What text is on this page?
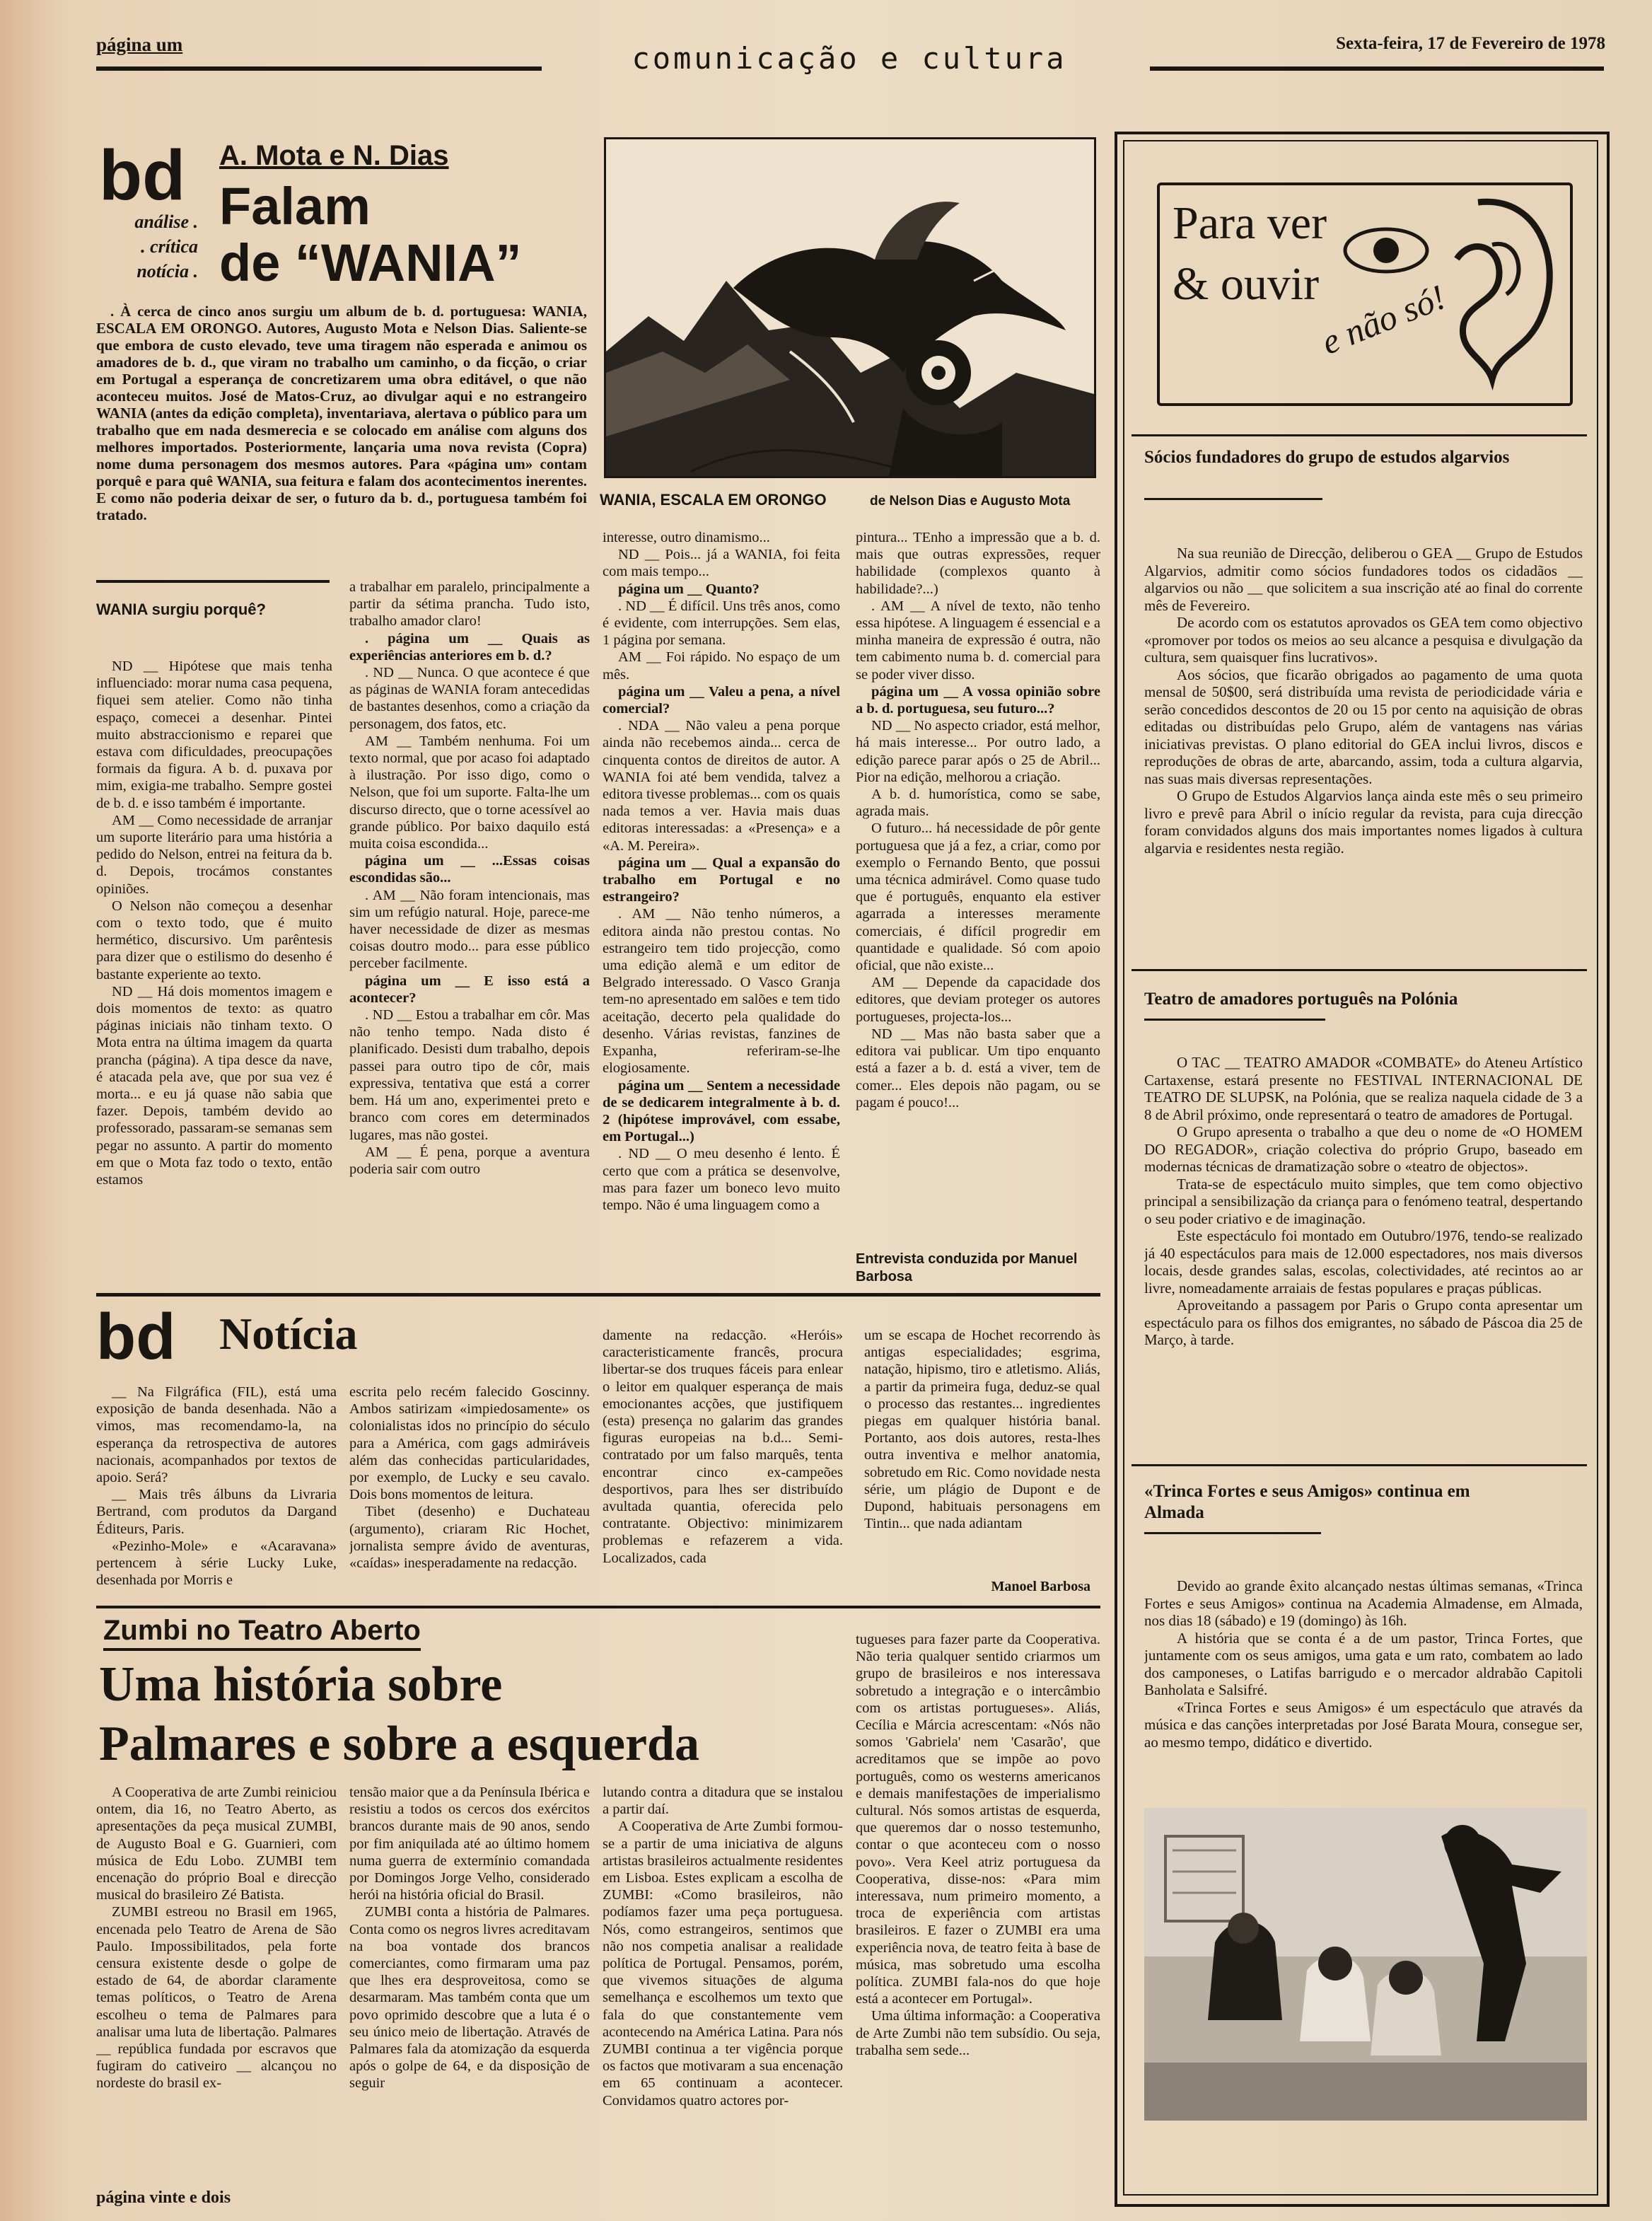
página um	comunicação e cultura	Sexta-feira, 17 de Fevereiro de 1978
bd
análise .
. crítica
notícia .
A. Mota e N. Dias
Falam
de “WANIA”

. À cerca de cinco anos surgiu um album de b. d. portuguesa: WANIA, ESCALA EM ORONGO. Autores, Augusto Mota e Nelson Dias. Saliente-se que embora de custo elevado, teve uma tiragem não esperada e animou os amadores de b. d., que viram no trabalho um caminho, o da ficção, o criar em Portugal a esperança de concretizarem uma obra editável, o que não aconteceu muitos. José de Matos-Cruz, ao divulgar aqui e no estrangeiro WANIA (antes da edição completa), inventariava, alertava o público para um trabalho que em nada desmerecia e se colocado em análise com alguns dos melhores importados. Posteriormente, lançaria uma nova revista (Copra) nome duma personagem dos mesmos autores. Para «página um» contam porquê e para quê WANIA, sua feitura e falam dos acontecimentos inerentes. E como não poderia deixar de ser, o futuro da b. d., portuguesa também foi tratado.

WANIA surgiu porquê?

ND __ Hipótese que mais tenha influenciado: morar numa casa pequena, fiquei sem atelier. Como não tinha espaço, comecei a desenhar. Pintei muito abstraccionismo e reparei que estava com dificuldades, preocupações formais da figura. A b. d. puxava por mim, exigia-me trabalho. Sempre gostei de b. d. e isso também é importante.

AM __ Como necessidade de arranjar um suporte literário para uma história a pedido do Nelson, entrei na feitura da b. d. Depois, trocámos constantes opiniões.

O Nelson não começou a desenhar com o texto todo, que é muito hermético, discursivo. Um parêntesis para dizer que o estilismo do desenho é bastante experiente ao texto.

ND __ Há dois momentos imagem e dois momentos de texto: as quatro páginas iniciais não tinham texto. O Mota entra na última imagem da quarta prancha (página). A tipa desce da nave, é atacada pela ave, que por sua vez é morta... e eu já quase não sabia que fazer. Depois, também devido ao professorado, passaram-se semanas sem pegar no assunto. A partir do momento em que o Mota faz todo o texto, então estamos

a trabalhar em paralelo, principalmente a partir da sétima prancha. Tudo isto, trabalho amador claro!

. página um __ Quais as experiências anteriores em b. d.?

. ND __ Nunca. O que acontece é que as páginas de WANIA foram antecedidas de bastantes desenhos, como a criação da personagem, dos fatos, etc.

AM __ Também nenhuma. Foi um texto normal, que por acaso foi adaptado à ilustração. Por isso digo, como o Nelson, que foi um suporte. Falta-lhe um discurso directo, que o torne acessível ao grande público. Por baixo daquilo está muita coisa escondida...

página um __ ...Essas coisas escondidas são...

. AM __ Não foram intencionais, mas sim um refúgio natural. Hoje, parece-me haver necessidade de dizer as mesmas coisas doutro modo... para esse público perceber facilmente.

página um __ E isso está a acontecer?

. ND __ Estou a trabalhar em côr. Mas não tenho tempo. Nada disto é planificado. Desisti dum trabalho, depois passei para outro tipo de côr, mais expressiva, tentativa que está a correr bem. Há um ano, experimentei preto e branco com cores em determinados lugares, mas não gostei.

AM __ É pena, porque a aventura poderia sair com outro

WANIA, ESCALA EM ORONGO	de Nelson Dias e Augusto Mota

interesse, outro dinamismo...

ND __ Pois... já a WANIA, foi feita com mais tempo...

página um __ Quanto?

. ND __ É difícil. Uns três anos, como é evidente, com interrupções. Sem elas, 1 página por semana.

AM __ Foi rápido. No espaço de um mês.

página um __ Valeu a pena, a nível comercial?

. NDA __ Não valeu a pena porque ainda não recebemos ainda... cerca de cinquenta contos de direitos de autor. A WANIA foi até bem vendida, talvez a editora tivesse problemas... com os quais nada temos a ver. Havia mais duas editoras interessadas: a «Presença» e a «A. M. Pereira».

página um __ Qual a expansão do trabalho em Portugal e no estrangeiro?

. AM __ Não tenho números, a editora ainda não prestou contas. No estrangeiro tem tido projecção, como uma edição alemã e um editor de Belgrado interessado. O Vasco Granja tem-no apresentado em salões e tem tido aceitação, decerto pela qualidade do desenho. Várias revistas, fanzines de Expanha, referiram-se-lhe elogiosamente.

página um __ Sentem a necessidade de se dedicarem integralmente à b. d. 2 (hipótese improvável, com essabe, em Portugal...)

. ND __ O meu desenho é lento. É certo que com a prática se desenvolve, mas para fazer um boneco levo muito tempo. Não é uma linguagem como a

pintura... TEnho a impressão que a b. d. mais que outras expressões, requer habilidade (complexos quanto à habilidade?...)

. AM __ A nível de texto, não tenho essa hipótese. A linguagem é essencial e a minha maneira de expressão é outra, não tem cabimento numa b. d. comercial para se poder viver disso.

página um __ A vossa opinião sobre a b. d. portuguesa, seu futuro...?

ND __ No aspecto criador, está melhor, há mais interesse... Por outro lado, a edição parece parar após o 25 de Abril... Pior na edição, melhorou a criação.

A b. d. humorística, como se sabe, agrada mais.

O futuro... há necessidade de pôr gente portuguesa que já a fez, a criar, como por exemplo o Fernando Bento, que possui uma técnica admirável. Como quase tudo que é português, enquanto ela estiver agarrada a interesses meramente comerciais, é difícil progredir em quantidade e qualidade. Só com apoio oficial, que não existe...

AM __ Depende da capacidade dos editores, que deviam proteger os autores portugueses, projecta-los...

ND __ Mas não basta saber que a editora vai publicar. Um tipo enquanto está a fazer a b. d. está a viver, tem de comer... Eles depois não pagam, ou se pagam é pouco!...

Entrevista conduzida por Manuel Barbosa
bd Notícia

__ Na Filgráfica (FIL), está uma exposição de banda desenhada. Não a vimos, mas recomendamo-la, na esperança da retrospectiva de autores nacionais, acompanhados por textos de apoio. Será?

__ Mais três álbuns da Livraria Bertrand, com produtos da Dargand Éditeurs, Paris.

«Pezinho-Mole» e «Acaravana» pertencem à série Lucky Luke, desenhada por Morris e

escrita pelo recém falecido Goscinny. Ambos satirizam «impiedosamente» os colonialistas idos no princípio do século para a América, com gags admiráveis além das conhecidas particularidades, por exemplo, de Lucky e seu cavalo. Dois bons momentos de leitura.

Tibet (desenho) e Duchateau (argumento), criaram Ric Hochet, jornalista sempre ávido de aventuras, «caídas» inesperadamente na redacção.

damente na redacção. «Heróis» caracteristicamente francês, procura libertar-se dos truques fáceis para enlear o leitor em qualquer esperança de mais emocionantes acções, que justifiquem (esta) presença no galarim das grandes figuras europeias na b.d... Semi-contratado por um falso marquês, tenta encontrar cinco ex-campeões desportivos, para lhes ser distribuído avultada quantia, oferecida pelo contratante. Objectivo: minimizarem problemas e refazerem a vida. Localizados, cada

um se escapa de Hochet recorrendo às antigas especialidades; esgrima, natação, hipismo, tiro e atletismo. Aliás, a partir da primeira fuga, deduz-se qual o processo das restantes... ingredientes piegas em qualquer história banal. Portanto, aos dois autores, resta-lhes outra inventiva e melhor anatomia, sobretudo em Ric. Como novidade nesta série, um plágio de Dupont e de Dupond, habituais personagens em Tintin... que nada adiantam

Manoel Barbosa
Zumbi no Teatro Aberto
Uma história sobre
Palmares e sobre a esquerda

A Cooperativa de arte Zumbi reiniciou ontem, dia 16, no Teatro Aberto, as apresentações da peça musical ZUMBI, de Augusto Boal e G. Guarnieri, com música de Edu Lobo. ZUMBI tem encenação do próprio Boal e direcção musical do brasileiro Zé Batista.

ZUMBI estreou no Brasil em 1965, encenada pelo Teatro de Arena de São Paulo. Impossibilitados, pela forte censura existente desde o golpe de estado de 64, de abordar claramente temas políticos, o Teatro de Arena escolheu o tema de Palmares para analisar uma luta de libertação. Palmares __ república fundada por escravos que fugiram do cativeiro __ alcançou no nordeste do brasil ex-

tensão maior que a da Península Ibérica e resistiu a todos os cercos dos exércitos brancos durante mais de 90 anos, sendo por fim aniquilada até ao último homem numa guerra de extermínio comandada por Domingos Jorge Velho, considerado herói na história oficial do Brasil.

ZUMBI conta a história de Palmares. Conta como os negros livres acreditavam na boa vontade dos brancos comerciantes, como firmaram uma paz que lhes era desproveitosa, como se desarmaram. Mas também conta que um povo oprimido descobre que a luta é o seu único meio de libertação. Através de Palmares fala da atomização da esquerda após o golpe de 64, e da disposição de seguir

lutando contra a ditadura que se instalou a partir daí.

A Cooperativa de Arte Zumbi formou-se a partir de uma iniciativa de alguns artistas brasileiros actualmente residentes em Lisboa. Estes explicam a escolha de ZUMBI: «Como brasileiros, não podíamos fazer uma peça portuguesa. Nós, como estrangeiros, sentimos que não nos competia analisar a realidade política de Portugal. Pensamos, porém, que vivemos situações de alguma semelhança e escolhemos um texto que fala do que constantemente vem acontecendo na América Latina. Para nós ZUMBI continua a ter vigência porque os factos que motivaram a sua encenação em 65 continuam a acontecer. Convidamos quatro actores por-

tugueses para fazer parte da Cooperativa. Não teria qualquer sentido criarmos um grupo de brasileiros e nos interessava sobretudo a integração e o intercâmbio com os artistas portugueses». Aliás, Cecília e Márcia acrescentam: «Nós não somos 'Gabriela' nem 'Casarão', que acreditamos que se impõe ao povo português, como os westerns americanos e demais manifestações de imperialismo cultural. Nós somos artistas de esquerda, que queremos dar o nosso testemunho, contar o que aconteceu com o nosso povo». Vera Keel atriz portuguesa da Cooperativa, disse-nos: «Para mim interessava, num primeiro momento, a troca de experiência com artistas brasileiros. E fazer o ZUMBI era uma experiência nova, de teatro feita à base de música, mas sobretudo uma escolha política. ZUMBI fala-nos do que hoje está a acontecer em Portugal».

Uma última informação: a Cooperativa de Arte Zumbi não tem subsídio. Ou seja, trabalha sem sede...

página vinte e dois
Para ver
& ouvir
e não só!
Sócios fundadores do grupo de estudos algarvios

Na sua reunião de Direcção, deliberou o GEA __ Grupo de Estudos Algarvios, admitir como sócios fundadores todos os cidadãos __ algarvios ou não __ que solicitem a sua inscrição até ao final do corrente mês de Fevereiro.

De acordo com os estatutos aprovados os GEA tem como objectivo «promover por todos os meios ao seu alcance a pesquisa e divulgação da cultura, sem quaisquer fins lucrativos».

Aos sócios, que ficarão obrigados ao pagamento de uma quota mensal de 50$00, será distribuída uma revista de periodicidade vária e serão concedidos descontos de 20 ou 15 por cento na aquisição de obras editadas ou distribuídas pelo Grupo, além de vantagens nas várias iniciativas previstas. O plano editorial do GEA inclui livros, discos e reproduções de obras de arte, abarcando, assim, toda a cultura algarvia, nas suas mais diversas representações.

O Grupo de Estudos Algarvios lança ainda este mês o seu primeiro livro e prevê para Abril o início regular da revista, para cuja direcção foram convidados alguns dos mais importantes nomes ligados à cultura algarvia e residentes nesta região.

Teatro de amadores português na Polónia

O TAC __ TEATRO AMADOR «COMBATE» do Ateneu Artístico Cartaxense, estará presente no FESTIVAL INTERNACIONAL DE TEATRO DE SLUPSK, na Polónia, que se realiza naquela cidade de 3 a 8 de Abril próximo, onde representará o teatro de amadores de Portugal.

O Grupo apresenta o trabalho a que deu o nome de «O HOMEM DO REGADOR», criação colectiva do próprio Grupo, baseado em modernas técnicas de dramatização sobre o «teatro de objectos».

Trata-se de espectáculo muito simples, que tem como objectivo principal a sensibilização da criança para o fenómeno teatral, despertando o seu poder criativo e de imaginação.

Este espectáculo foi montado em Outubro/1976, tendo-se realizado já 40 espectáculos para mais de 12.000 espectadores, nos mais diversos locais, desde grandes salas, escolas, colectividades, até recintos ao ar livre, nomeadamente arraiais de festas populares e praças públicas.

Aproveitando a passagem por Paris o Grupo conta apresentar um espectáculo para os filhos dos emigrantes, no sábado de Páscoa dia 25 de Março, à tarde.

«Trinca Fortes e seus Amigos» continua em Almada

Devido ao grande êxito alcançado nestas últimas semanas, «Trinca Fortes e seus Amigos» continua na Academia Almadense, em Almada, nos dias 18 (sábado) e 19 (domingo) às 16h.

A história que se conta é a de um pastor, Trinca Fortes, que juntamente com os seus amigos, uma gata e um rato, combatem ao lado dos camponeses, o Latifas barrigudo e o mercador aldrabão Capitoli Banholata e Salsifré.

«Trinca Fortes e seus Amigos» é um espectáculo que através da música e das canções interpretadas por José Barata Moura, consegue ser, ao mesmo tempo, didático e divertido.
